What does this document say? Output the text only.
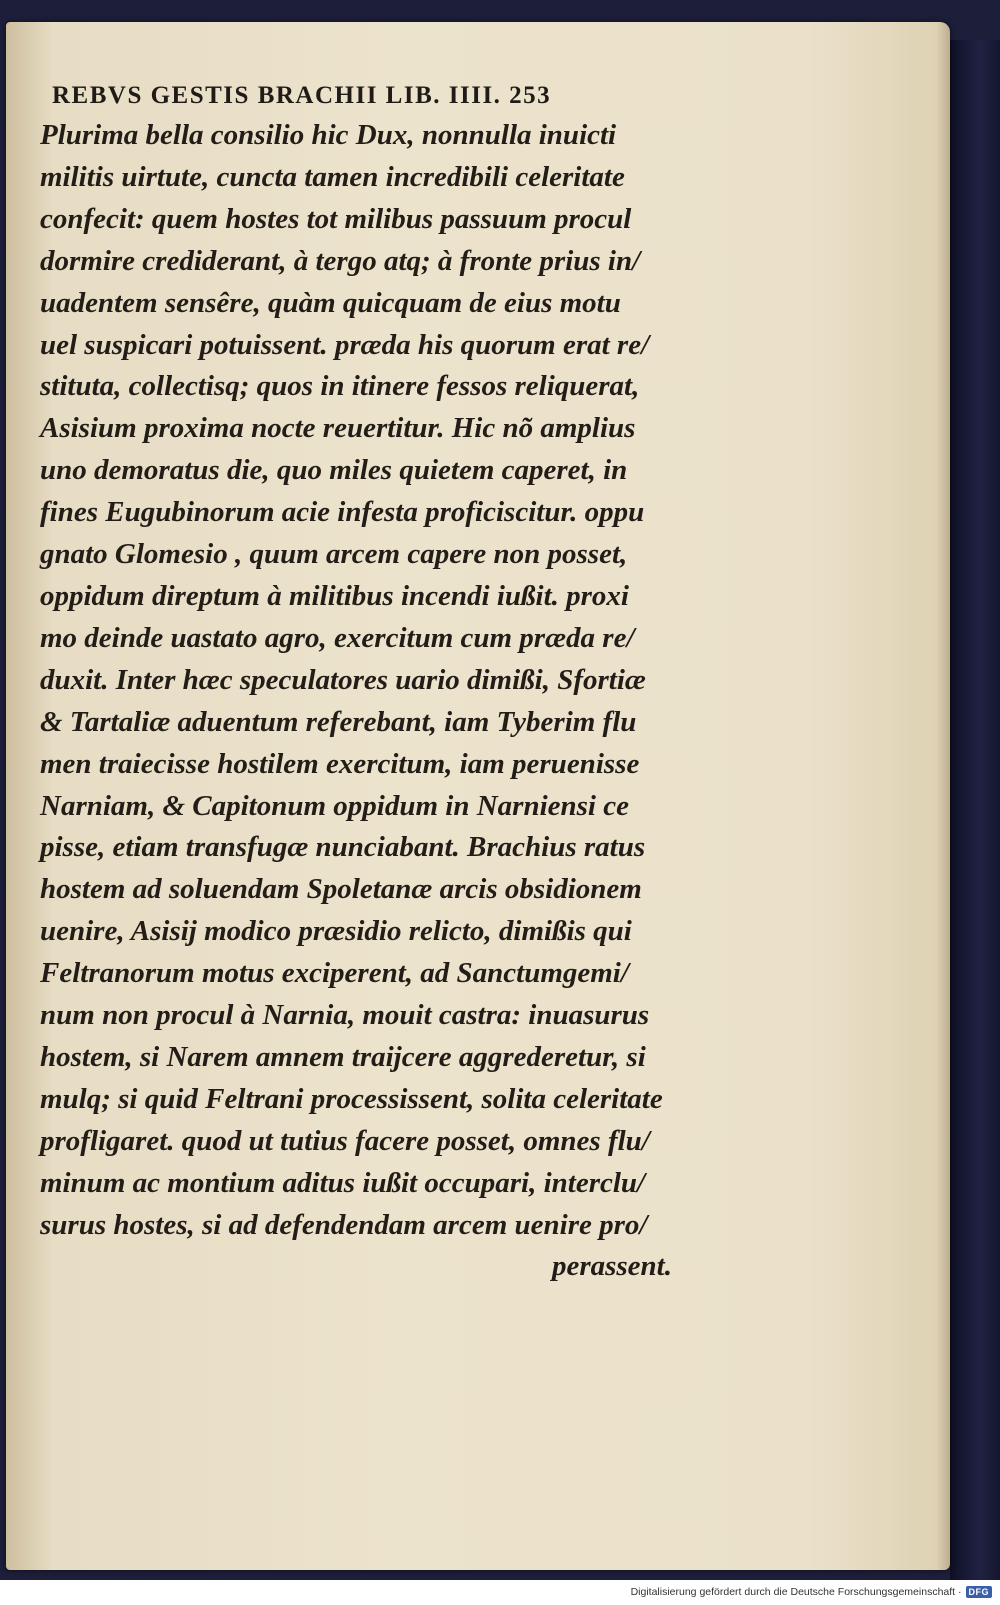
REBVS GESTIS BRACHII LIB. IIII. 253
Plurima bella consilio hic Dux, nonnulla inuicti
militis uirtute, cuncta tamen incredibili celeritate
confecit: quem hostes tot milibus passuum procul
dormire crediderant, à tergo atq; à fronte prius in/
uadentem sensêre, quàm quicquam de eius motu
uel suspicari potuissent. præda his quorum erat re/
stituta, collectisq; quos in itinere fessos reliquerat,
Asisium proxima nocte reuertitur. Hic nõ amplius
uno demoratus die, quo miles quietem caperet, in
fines Eugubinorum acie infesta proficiscitur. oppu
gnato Glomesio , quum arcem capere non posset,
oppidum direptum à militibus incendi iußit. proxi
mo deinde uastato agro, exercitum cum præda re/
duxit. Inter hæc speculatores uario dimißi, Sfortiæ
& Tartaliæ aduentum referebant, iam Tyberim flu
men traiecisse hostilem exercitum, iam peruenisse
Narniam, & Capitonum oppidum in Narniensi ce
pisse, etiam transfugæ nunciabant. Brachius ratus
hostem ad soluendam Spoletanæ arcis obsidionem
uenire, Asisij modico præsidio relicto, dimißis qui
Feltranorum motus exciperent, ad Sanctumgemi/
num non procul à Narnia, mouit castra: inuasurus
hostem, si Narem amnem traijcere aggrederetur, si
mulq; si quid Feltrani processissent, solita celeritate
profligaret. quod ut tutius facere posset, omnes flu/
minum ac montium aditus iußit occupari, interclu/
surus hostes, si ad defendendam arcem uenire pro/
perassent.
Digitalisierung gefördert durch die Deutsche Forschungsgemeinschaft · DFG
